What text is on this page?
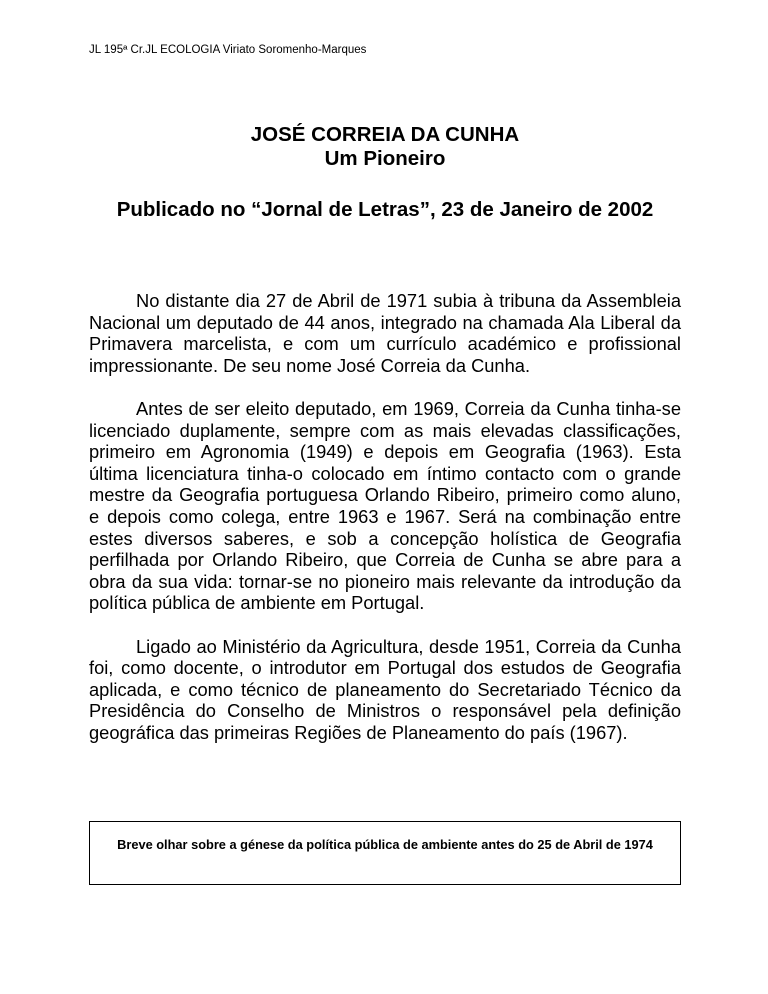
JL 195ª Cr.JL ECOLOGIA Viriato Soromenho-Marques
JOSÉ CORREIA DA CUNHA
Um Pioneiro
Publicado no “Jornal de Letras”, 23 de Janeiro de 2002

No distante dia 27 de Abril de 1971 subia à tribuna da Assembleia Nacional um deputado de 44 anos, integrado na chamada Ala Liberal da Primavera marcelista, e com um currículo académico e profissional impressionante. De seu nome José Correia da Cunha.

Antes de ser eleito deputado, em 1969, Correia da Cunha tinha-se licenciado duplamente, sempre com as mais elevadas classificações, primeiro em Agronomia (1949) e depois em Geografia (1963). Esta última licenciatura tinha-o colocado em íntimo contacto com o grande mestre da Geografia portuguesa Orlando Ribeiro, primeiro como aluno, e depois como colega, entre 1963 e 1967. Será na combinação entre estes diversos saberes, e sob a concepção holística de Geografia perfilhada por Orlando Ribeiro, que Correia de Cunha se abre para a obra da sua vida: tornar-se no pioneiro mais relevante da introdução da política pública de ambiente em Portugal.

Ligado ao Ministério da Agricultura, desde 1951, Correia da Cunha foi, como docente, o introdutor em Portugal dos estudos de Geografia aplicada, e como técnico de planeamento do Secretariado Técnico da Presidência do Conselho de Ministros o responsável pela definição geográfica das primeiras Regiões de Planeamento do país (1967).

Breve olhar sobre a génese da política pública de ambiente antes do 25 de Abril de 1974
